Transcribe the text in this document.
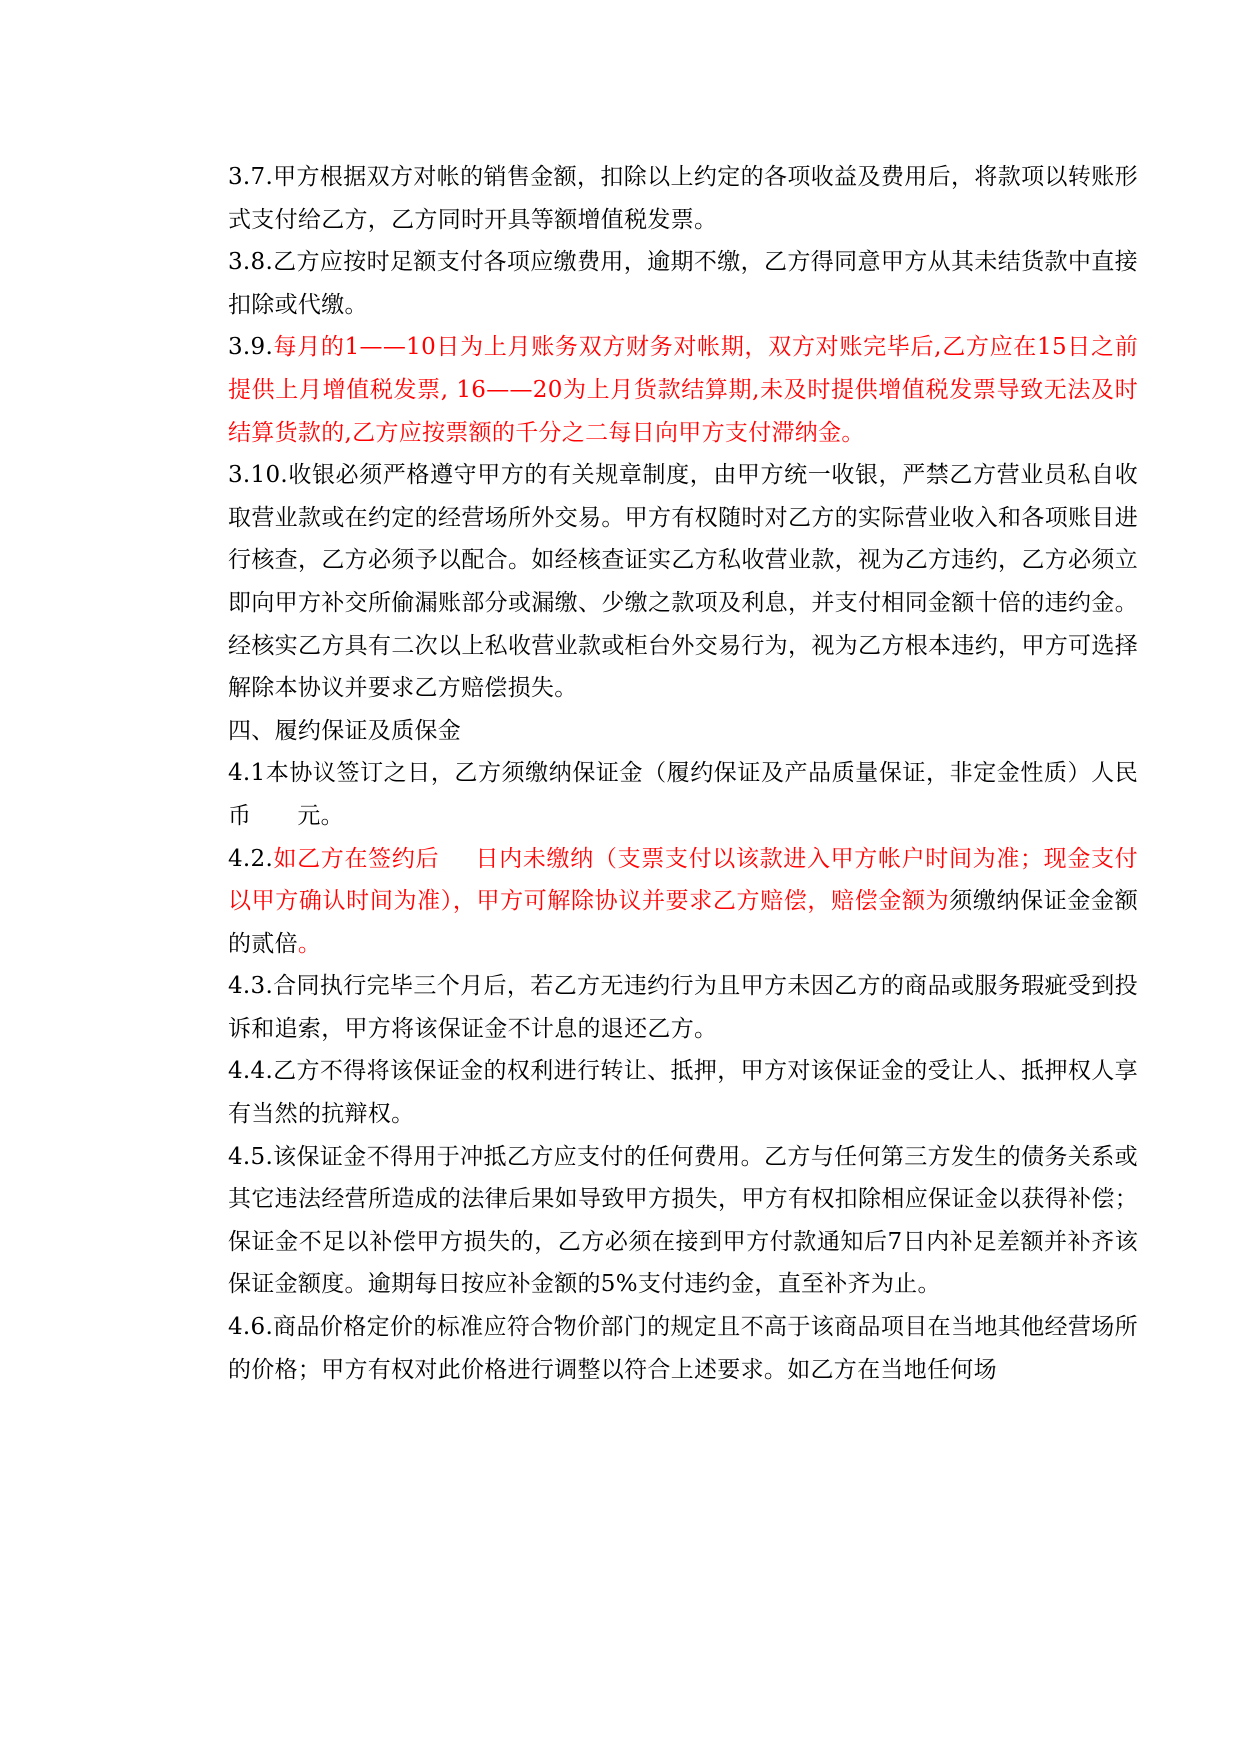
3.7.甲方根据双方对帐的销售金额，扣除以上约定的各项收益及费用后，将款项以转账形式支付给乙方，乙方同时开具等额增值税发票。

3.8.乙方应按时足额支付各项应缴费用，逾期不缴，乙方得同意甲方从其未结货款中直接扣除或代缴。

3.9.每月的1——10日为上月账务双方财务对帐期，双方对账完毕后,乙方应在15日之前提供上月增值税发票, 16——20为上月货款结算期,未及时提供增值税发票导致无法及时结算货款的,乙方应按票额的千分之二每日向甲方支付滞纳金。

3.10.收银必须严格遵守甲方的有关规章制度，由甲方统一收银，严禁乙方营业员私自收取营业款或在约定的经营场所外交易。甲方有权随时对乙方的实际营业收入和各项账目进行核查，乙方必须予以配合。如经核查证实乙方私收营业款，视为乙方违约，乙方必须立即向甲方补交所偷漏账部分或漏缴、少缴之款项及利息，并支付相同金额十倍的违约金。经核实乙方具有二次以上私收营业款或柜台外交易行为，视为乙方根本违约，甲方可选择解除本协议并要求乙方赔偿损失。

四、履约保证及质保金

4.1本协议签订之日，乙方须缴纳保证金（履约保证及产品质量保证，非定金性质）人民币 元。

4.2.如乙方在签约后 日内未缴纳（支票支付以该款进入甲方帐户时间为准；现金支付以甲方确认时间为准），甲方可解除协议并要求乙方赔偿，赔偿金额为须缴纳保证金金额的贰倍。

4.3.合同执行完毕三个月后，若乙方无违约行为且甲方未因乙方的商品或服务瑕疵受到投诉和追索，甲方将该保证金不计息的退还乙方。

4.4.乙方不得将该保证金的权利进行转让、抵押，甲方对该保证金的受让人、抵押权人享有当然的抗辩权。

4.5.该保证金不得用于冲抵乙方应支付的任何费用。乙方与任何第三方发生的债务关系或其它违法经营所造成的法律后果如导致甲方损失，甲方有权扣除相应保证金以获得补偿；保证金不足以补偿甲方损失的，乙方必须在接到甲方付款通知后7日内补足差额并补齐该保证金额度。逾期每日按应补金额的5%支付违约金，直至补齐为止。

4.6.商品价格定价的标准应符合物价部门的规定且不高于该商品项目在当地其他经营场所的价格；甲方有权对此价格进行调整以符合上述要求。如乙方在当地任何场
